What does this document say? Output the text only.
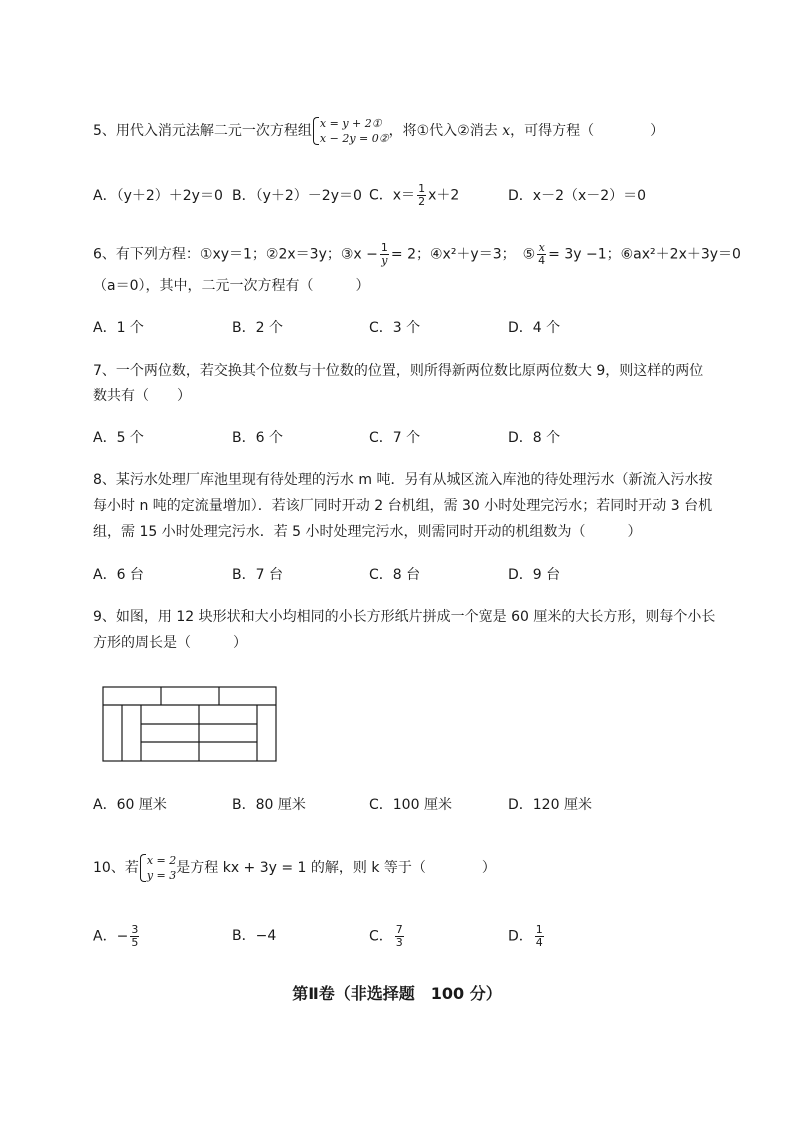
5、用代入消元法解二元一次方程组 x = y + 2①
x − 2y = 0② ，将①代入②消去 x，可得方程（　　　　）
A．（y＋2）＋2y＝0 B．（y＋2）－2y＝0 C．$x= \frac{1}{2} x+2$	D．x－2（x－2）＝0
6、有下列方程：①xy＝1；②2x＝3y；③x − $\frac{1}{y} = 2$；④x²＋y＝3；　⑤ $\frac{x}{4} = 3y -1$；⑥ax²＋2x＋3y＝0
（a＝0），其中，二元一次方程有（　　　）
A．1 个	B．2 个	C．3 个	D．4 个
7、一个两位数，若交换其个位数与十位数的位置，则所得新两位数比原两位数大 9，则这样的两位
数共有（　　）
A．5 个	B．6 个	C．7 个	D．8 个
8、某污水处理厂库池里现有待处理的污水 m 吨．另有从城区流入库池的待处理污水（新流入污水按
每小时 n 吨的定流量增加）．若该厂同时开动 2 台机组，需 30 小时处理完污水；若同时开动 3 台机
组，需 15 小时处理完污水．若 5 小时处理完污水，则需同时开动的机组数为（　　　）
A．6 台	B．7 台	C．8 台	D．9 台
9、如图，用 12 块形状和大小均相同的小长方形纸片拼成一个宽是 60 厘米的大长方形，则每个小长
方形的周长是（　　　）
A．60 厘米	B．80 厘米	C．100 厘米	D．120 厘米
10、若 x = 2
y = 3 是方程 kx + 3y = 1 的解，则 k 等于（　　　　）
A．− $\frac{3}{5}$	B．−4	C． $\frac{7}{3}$	D． $\frac{1}{4}$
第Ⅱ卷（非选择题　100 分）
